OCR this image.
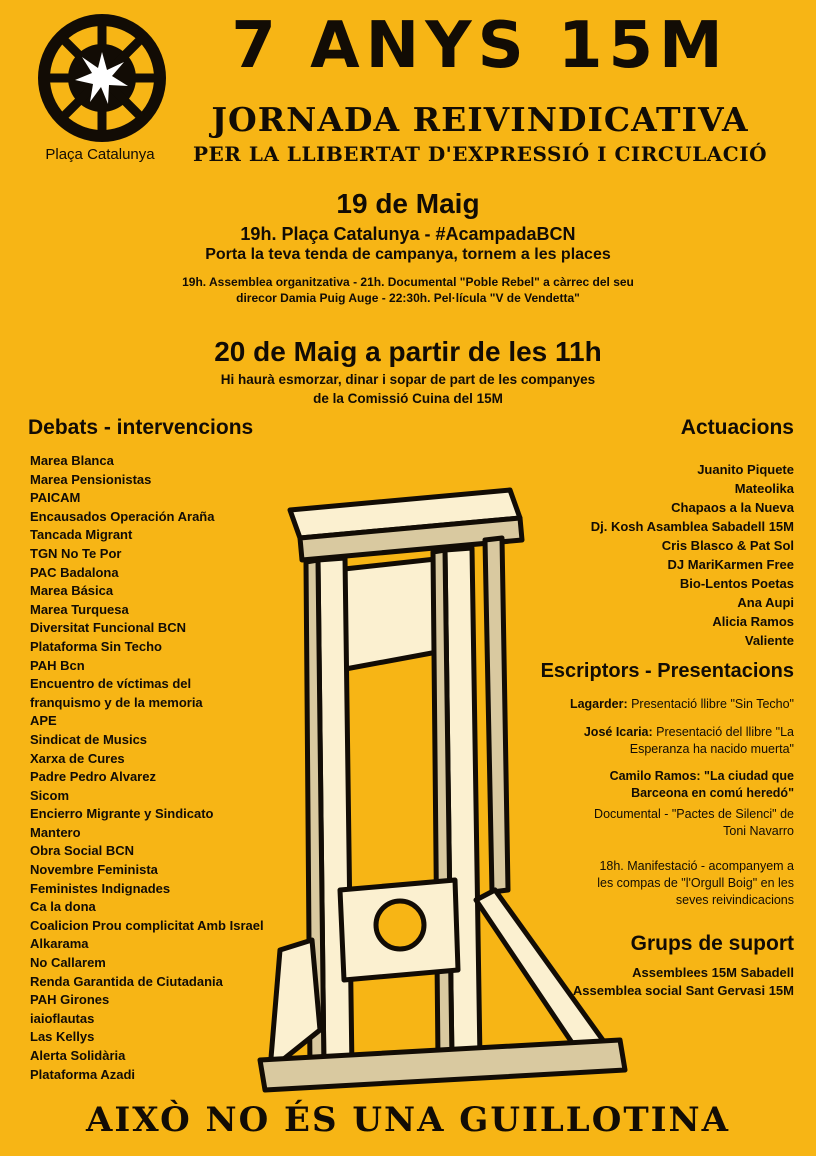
Plaça Catalunya
7 ANYS 15M
JORNADA REIVINDICATIVA
PER LA LLIBERTAT D'EXPRESSIÓ I CIRCULACIÓ
19 de Maig
19h. Plaça Catalunya - #AcampadaBCN
Porta la teva tenda de campanya, tornem a les places
19h. Assemblea organitzativa - 21h. Documental "Poble Rebel" a càrrec del seu
direcor Damia Puig Auge - 22:30h. Pel·lícula "V de Vendetta"
20 de Maig a partir de les 11h
Hi haurà esmorzar, dinar i sopar de part de les companyes
de la Comissió Cuina del 15M
Debats - intervencions
Marea Blanca
Marea Pensionistas
PAICAM
Encausados Operación Araña
Tancada Migrant
TGN No Te Por
PAC Badalona
Marea Básica
Marea Turquesa
Diversitat Funcional BCN
Plataforma Sin Techo
PAH Bcn
Encuentro de víctimas del
franquismo y de la memoria
APE
Sindicat de Musics
Xarxa de Cures
Padre Pedro Alvarez
Sicom
Encierro Migrante y Sindicato
Mantero
Obra Social BCN
Novembre Feminista
Feministes Indignades
Ca la dona
Coalicion Prou complicitat Amb Israel
Alkarama
No Callarem
Renda Garantida de Ciutadania
PAH Girones
iaioflautas
Las Kellys
Alerta Solidària
Plataforma Azadi
Actuacions
Juanito Piquete
Mateolika
Chapaos a la Nueva
Dj. Kosh Asamblea Sabadell 15M
Cris Blasco & Pat Sol
DJ MariKarmen Free
Bio-Lentos Poetas
Ana Aupi
Alicia Ramos
Valiente
Escriptors - Presentacions
Lagarder: Presentació llibre "Sin Techo"
José Icaria: Presentació del llibre "La
Esperanza ha nacido muerta"
Camilo Ramos: "La ciudad que
Barceona en comú heredó"
Documental - "Pactes de Silenci" de
Toni Navarro
18h. Manifestació - acompanyem a
les compas de "l'Orgull Boig" en les
seves reivindicacions
Grups de suport
Assemblees 15M Sabadell
Assemblea social Sant Gervasi 15M
AIXÒ NO ÉS UNA GUILLOTINA
